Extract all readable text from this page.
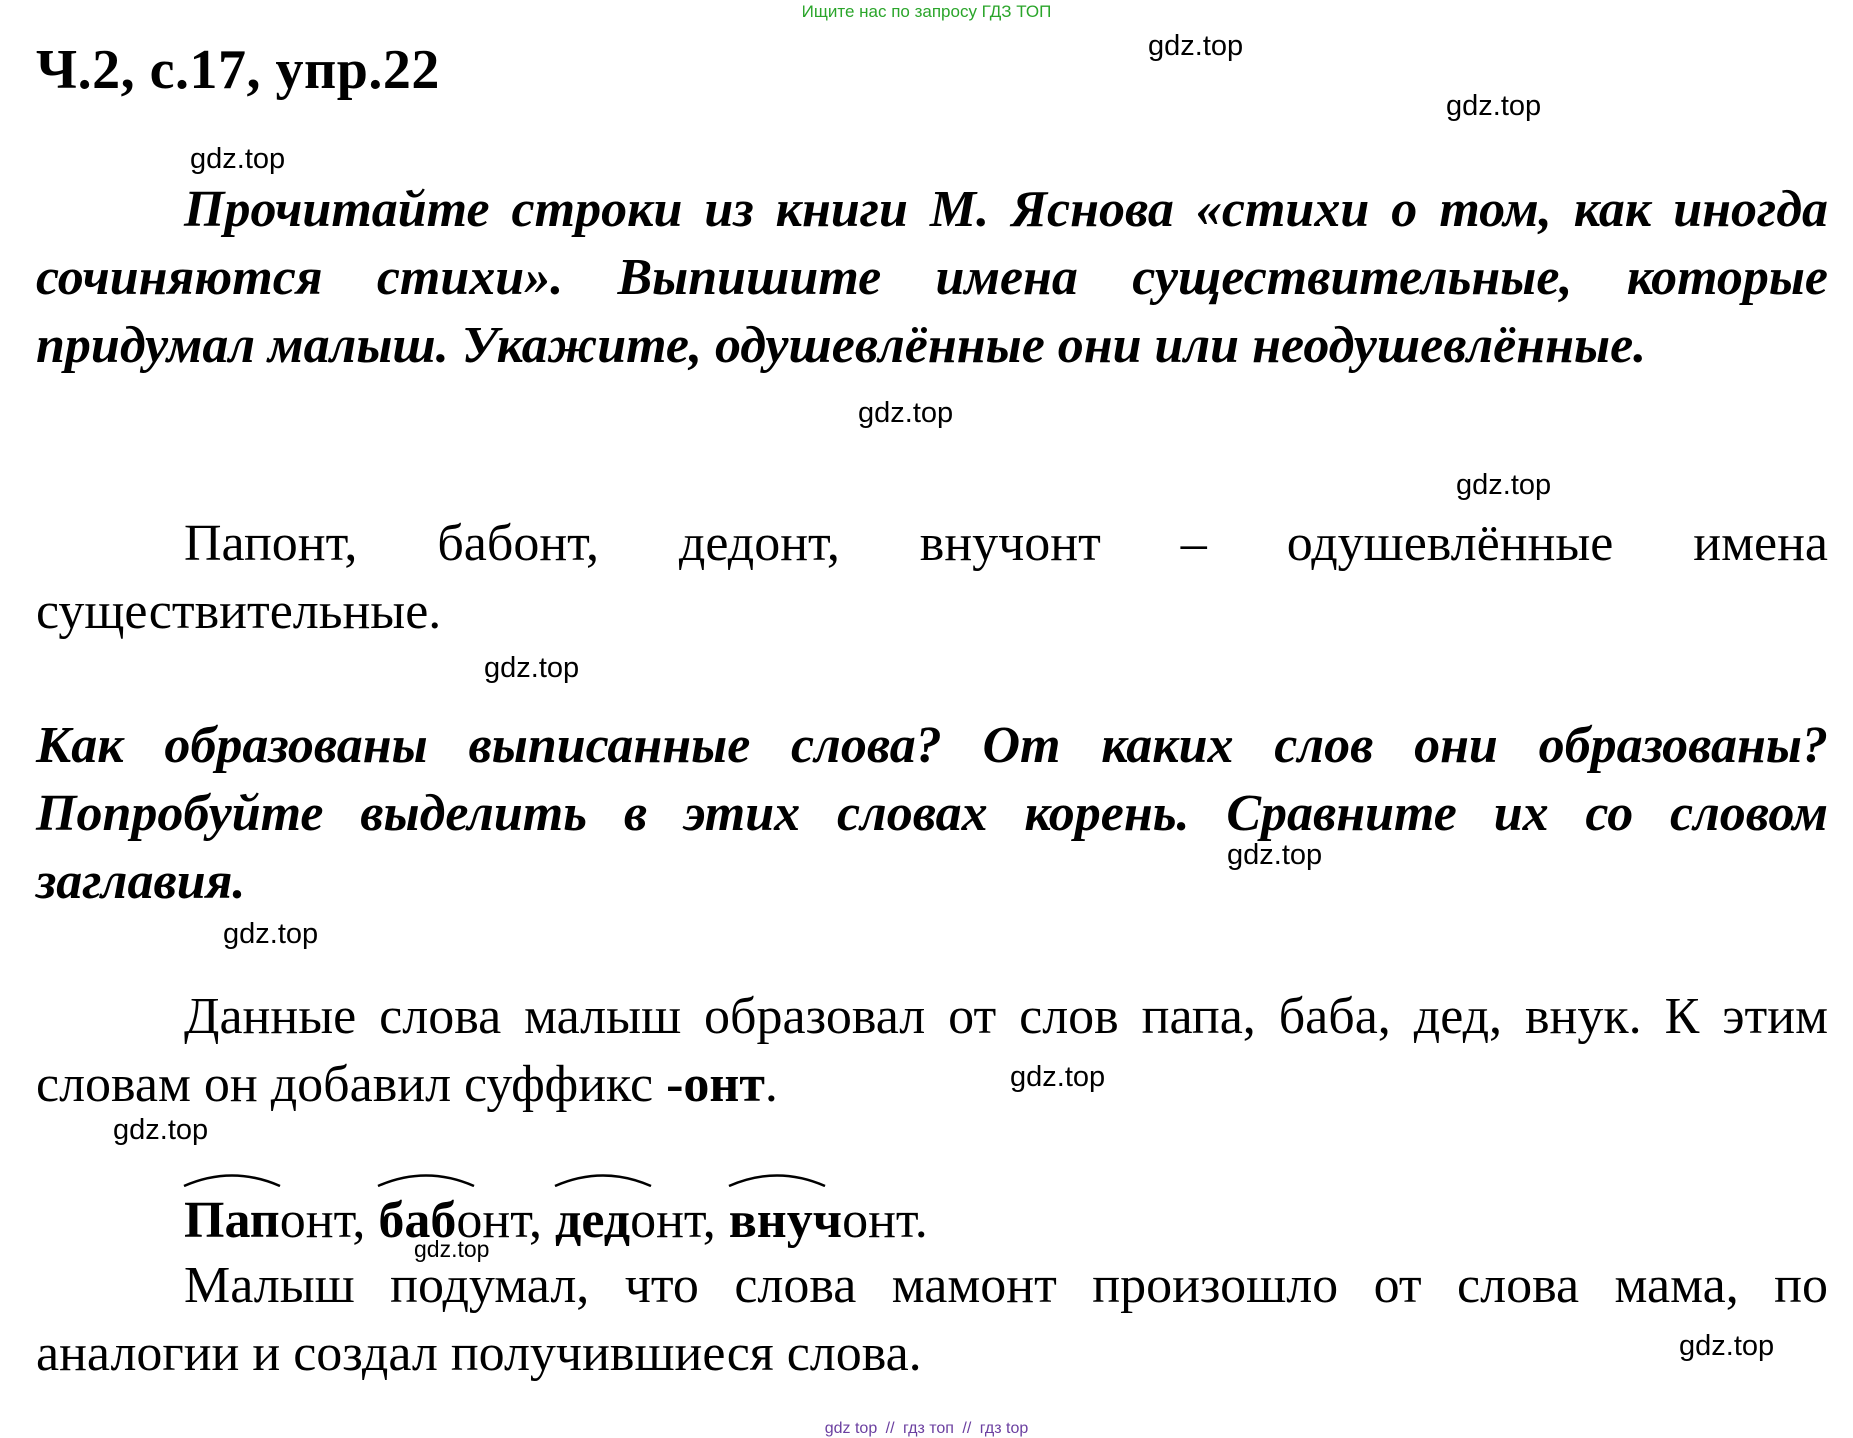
Ищите нас по запросу ГДЗ ТОП
Ч.2, с.17, упр.22	gdz.top
gdz.top
gdz.top
gdz.top
gdz.top
gdz.top
gdz.top
gdz.top
gdz.top
gdz.top
gdz.top
gdz.top

Прочитайте строки из книги М. Яснова «стихи о том, как иногда сочиняются стихи». Выпишите имена существительные, которые придумал малыш. Укажите, одушевлённые они или неодушевлённые.

Папонт, бабонт, дедонт, внучонт – одушевлённые имена существительные.

Как образованы выписанные слова? От каких слов они образованы? Попробуйте выделить в этих словах корень. Сравните их со словом заглавия.

Данные слова малыш образовал от слов папа, баба, дед, внук. К этим словам он добавил суффикс -онт.

Папонт,
бабонт,
дедонт,
внучонт.

Малыш подумал, что слова мамонт произошло от слова мама, по аналогии и создал получившиеся слова.

gdz top // гдз топ // гдз top
